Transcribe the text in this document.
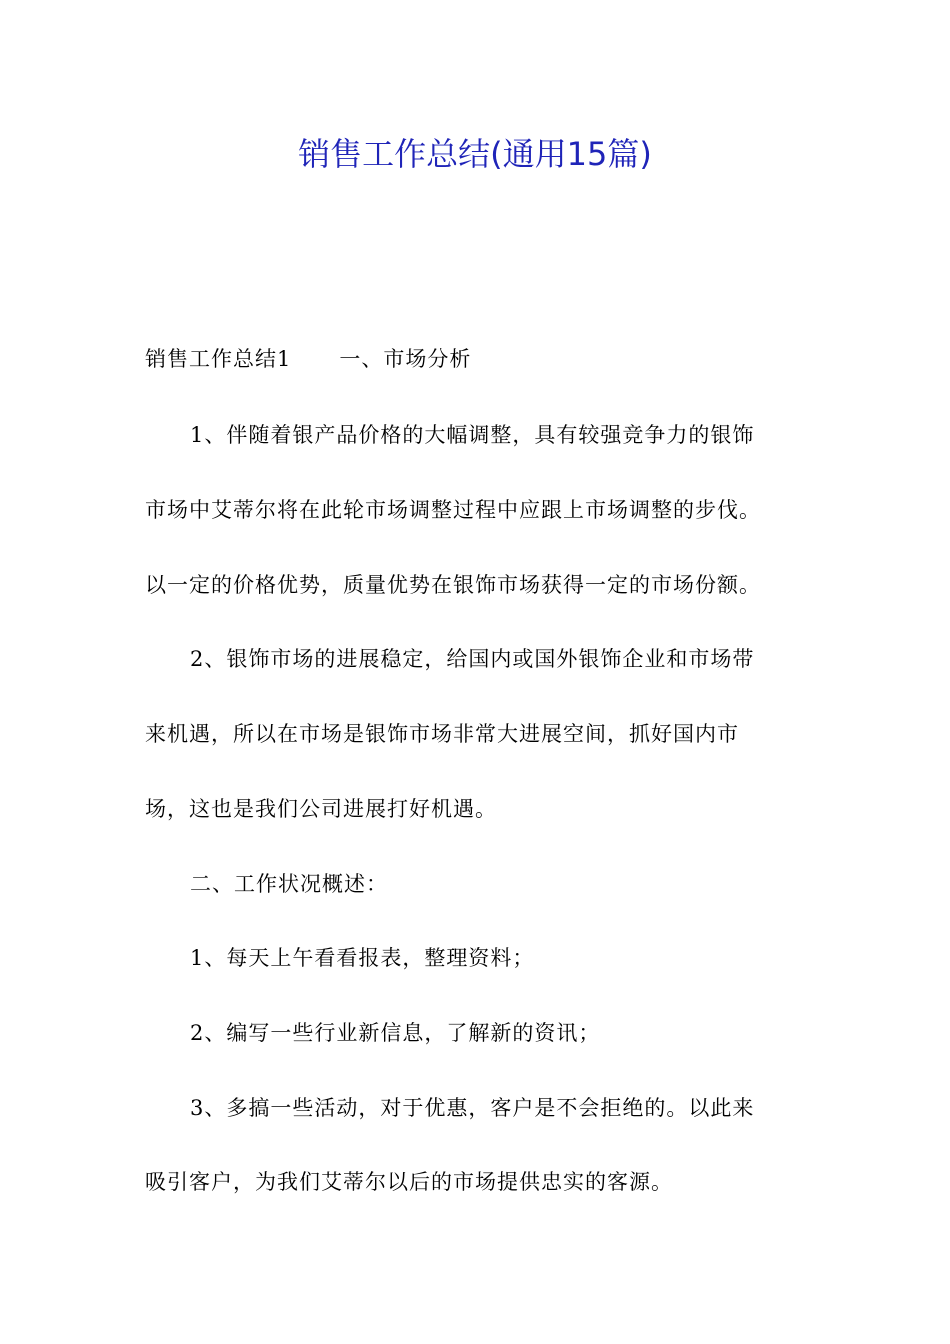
销售工作总结(通用15篇)
销售工作总结1 一、市场分析
1、伴随着银产品价格的大幅调整，具有较强竞争力的银饰
市场中艾蒂尔将在此轮市场调整过程中应跟上市场调整的步伐。
以一定的价格优势，质量优势在银饰市场获得一定的市场份额。
2、银饰市场的进展稳定，给国内或国外银饰企业和市场带
来机遇，所以在市场是银饰市场非常大进展空间，抓好国内市
场，这也是我们公司进展打好机遇。
二、工作状况概述：
1、每天上午看看报表，整理资料；
2、编写一些行业新信息，了解新的资讯；
3、多搞一些活动，对于优惠，客户是不会拒绝的。以此来
吸引客户，为我们艾蒂尔以后的市场提供忠实的客源。
